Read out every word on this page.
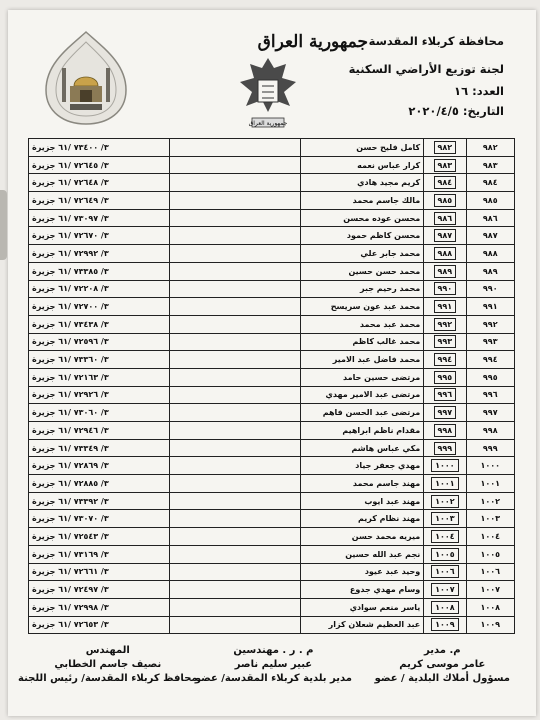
جمهورية العراق
جمهورية العراق
محافظة كربلاء المقدسة
لجنة توزيع الأراضي السكنية
العدد:١٦
التاريخ:٢٠٢٠/٤/٥
٩٨٢	٩٨٢	كامل فليح حسن		٣/ ٧٣٤٠٠ /٦١ جزيرة
٩٨٣	٩٨٣	كرار عباس نعمه		٣/ ٧٢٦٤٥ /٦١ جزيرة
٩٨٤	٩٨٤	كريم مجيد هادي		٣/ ٧٢٦٤٨ /٦١ جزيرة
٩٨٥	٩٨٥	مالك جاسم محمد		٣/ ٧٢٦٤٩ /٦١ جزيرة
٩٨٦	٩٨٦	محسن عوده محسن		٣/ ٧٣٠٩٧ /٦١ جزيرة
٩٨٧	٩٨٧	محسن كاظم حمود		٣/ ٧٢٦٧٠ /٦١ جزيرة
٩٨٨	٩٨٨	محمد جابر علي		٣/ ٧٢٩٩٢ /٦١ جزيرة
٩٨٩	٩٨٩	محمد حسن حسين		٣/ ٧٣٣٨٥ /٦١ جزيرة
٩٩٠	٩٩٠	محمد رحيم جبر		٣/ ٧٢٢٠٨ /٦١ جزيرة
٩٩١	٩٩١	محمد عبد عون سريسح		٣/ ٧٢٧٠٠ /٦١ جزيرة
٩٩٢	٩٩٢	محمد عبد محمد		٣/ ٧٣٤٣٨ /٦١ جزيرة
٩٩٣	٩٩٣	محمد غالب كاظم		٣/ ٧٢٥٩٦ /٦١ جزيرة
٩٩٤	٩٩٤	محمد فاضل عبد الامير		٣/ ٧٣٣٦٠ /٦١ جزيرة
٩٩٥	٩٩٥	مرتضى حسين حامد		٣/ ٧٢١٦٣ /٦١ جزيرة
٩٩٦	٩٩٦	مرتضى عبد الامير مهدي		٣/ ٧٢٩٢٦ /٦١ جزيرة
٩٩٧	٩٩٧	مرتضى عبد الحسن فاهم		٣/ ٧٣٠٦٠ /٦١ جزيرة
٩٩٨	٩٩٨	مقدام ناظم ابراهيم		٣/ ٧٢٩٤٦ /٦١ جزيرة
٩٩٩	٩٩٩	مكي عباس هاشم		٣/ ٧٣٣٤٩ /٦١ جزيرة
١٠٠٠	١٠٠٠	مهدي جعفر جياد		٣/ ٧٢٨٦٩ /٦١ جزيرة
١٠٠١	١٠٠١	مهند جاسم محمد		٣/ ٧٢٨٨٥ /٦١ جزيرة
١٠٠٢	١٠٠٢	مهند عبد ايوب		٣/ ٧٣٣٩٢ /٦١ جزيرة
١٠٠٣	١٠٠٣	مهند نظام كريم		٣/ ٧٣٠٧٠ /٦١ جزيرة
١٠٠٤	١٠٠٤	ميريه محمد حسن		٣/ ٧٢٥٤٣ /٦١ جزيرة
١٠٠٥	١٠٠٥	نجم عبد الله حسين		٣/ ٧٣١٦٩ /٦١ جزيرة
١٠٠٦	١٠٠٦	وحيد عبد عيود		٣/ ٧٢٦٦١ /٦١ جزيرة
١٠٠٧	١٠٠٧	وسام مهدي جدوع		٣/ ٧٢٤٩٧ /٦١ جزيرة
١٠٠٨	١٠٠٨	ياسر منعم سوادي		٣/ ٧٢٩٩٨ /٦١ جزيرة
١٠٠٩	١٠٠٩	عبد العظيم شعلان كزار		٣/ ٧٢٦٥٣ /٦١ جزيرة
م. مدير
عامر موسى كريم
مسؤول أملاك البلدية / عضو
م . ر . مهندسين
عبير سليم ناصر
مدير بلدية كربلاء المقدسة/ عضو
المهندس
نصيف جاسم الخطابي
محافظ كربلاء المقدسة/ رئيس اللجنة
